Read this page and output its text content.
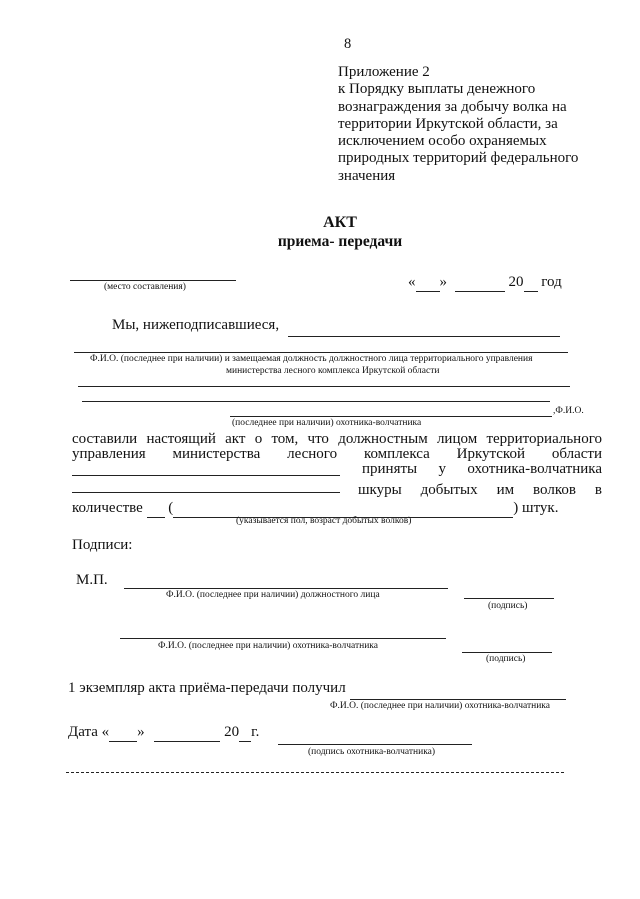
8
Приложение 2
к Порядку выплаты денежного
вознаграждения за добычу волка на
территории Иркутской области, за
исключением особо охраняемых
природных территорий федерального
значения
АКТ
приема- передачи
(место составления)	« »	20 год
Мы, нижеподписавшиеся,
Ф.И.О. (последнее при наличии) и замещаемая должность должностного лица территориального управления
министерства лесного комплекса Иркутской области
,Ф.И.О.
(последнее при наличии) охотника-волчатника
составили настоящий акт о том, что должностным лицом территориального
управления министерства лесного комплекса Иркутской области
приняты у охотника-волчатника
шкуры добытых им волков в
количестве (	) штук.
(указывается пол, возраст добытых волков)
Подписи:
М.П.
Ф.И.О. (последнее при наличии) должностного лица
(подпись)
Ф.И.О. (последнее при наличии) охотника-волчатника
(подпись)
1 экземпляр акта приёма-передачи получил
Ф.И.О. (последнее при наличии) охотника-волчатника
Дата « »	20 г.
(подпись охотника-волчатника)
